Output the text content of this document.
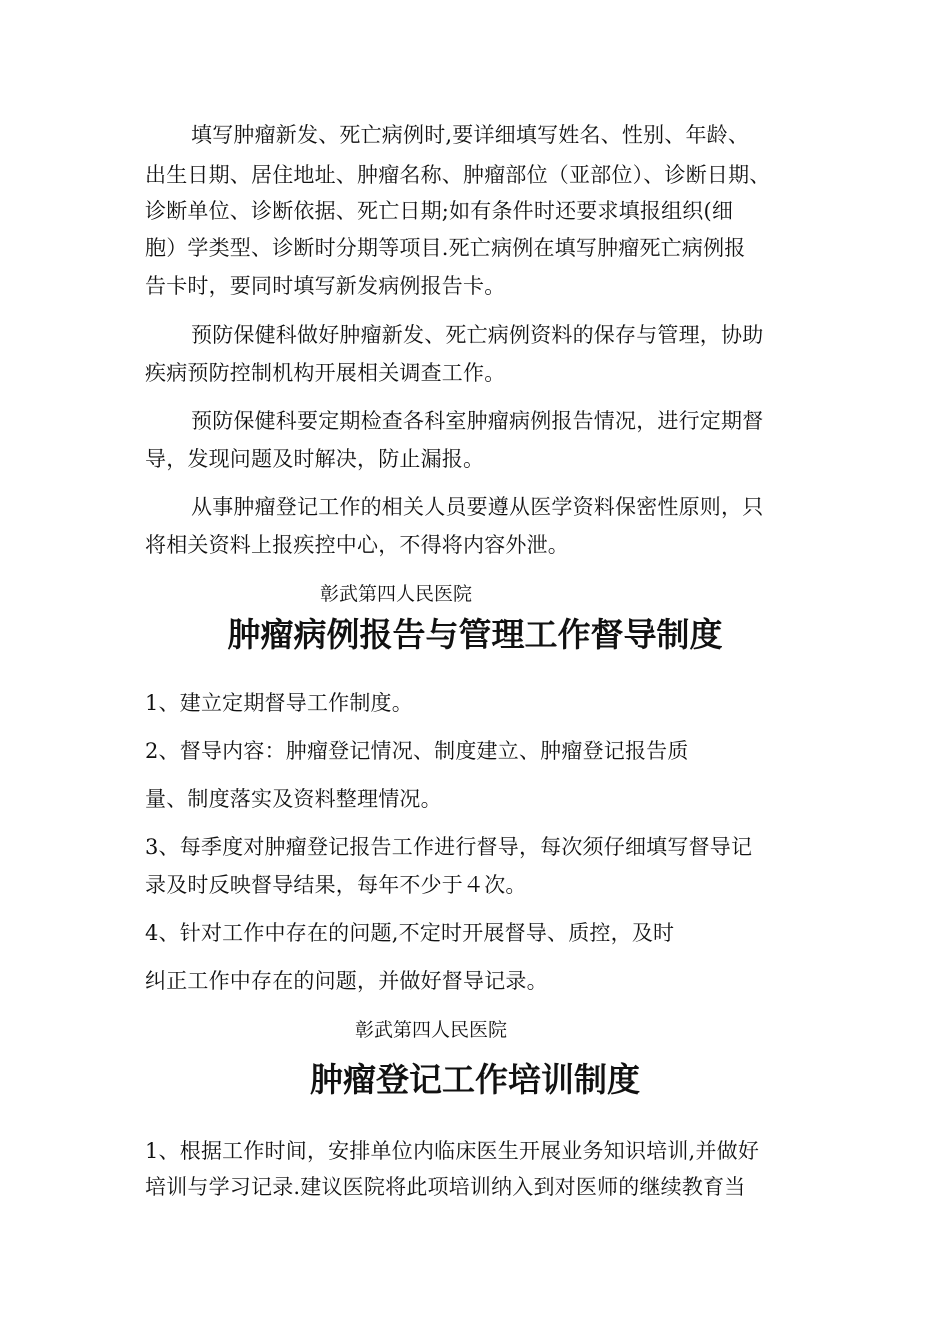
填写肿瘤新发、死亡病例时,要详细填写姓名、性别、年龄、
出生日期、居住地址、肿瘤名称、肿瘤部位（亚部位）、诊断日期、
诊断单位、诊断依据、死亡日期;如有条件时还要求填报组织(细
胞）学类型、诊断时分期等项目.死亡病例在填写肿瘤死亡病例报
告卡时，要同时填写新发病例报告卡。
预防保健科做好肿瘤新发、死亡病例资料的保存与管理，协助
疾病预防控制机构开展相关调查工作。
预防保健科要定期检查各科室肿瘤病例报告情况，进行定期督
导，发现问题及时解决，防止漏报。
从事肿瘤登记工作的相关人员要遵从医学资料保密性原则，只
将相关资料上报疾控中心，不得将内容外泄。
彰武第四人民医院
肿瘤病例报告与管理工作督导制度
1、建立定期督导工作制度。
2、督导内容：肿瘤登记情况、制度建立、肿瘤登记报告质
量、制度落实及资料整理情况。
3、每季度对肿瘤登记报告工作进行督导，每次须仔细填写督导记
录及时反映督导结果，每年不少于４次。
4、针对工作中存在的问题,不定时开展督导、质控，及时
纠正工作中存在的问题，并做好督导记录。
彰武第四人民医院
肿瘤登记工作培训制度
1、根据工作时间，安排单位内临床医生开展业务知识培训,并做好
培训与学习记录.建议医院将此项培训纳入到对医师的继续教育当
